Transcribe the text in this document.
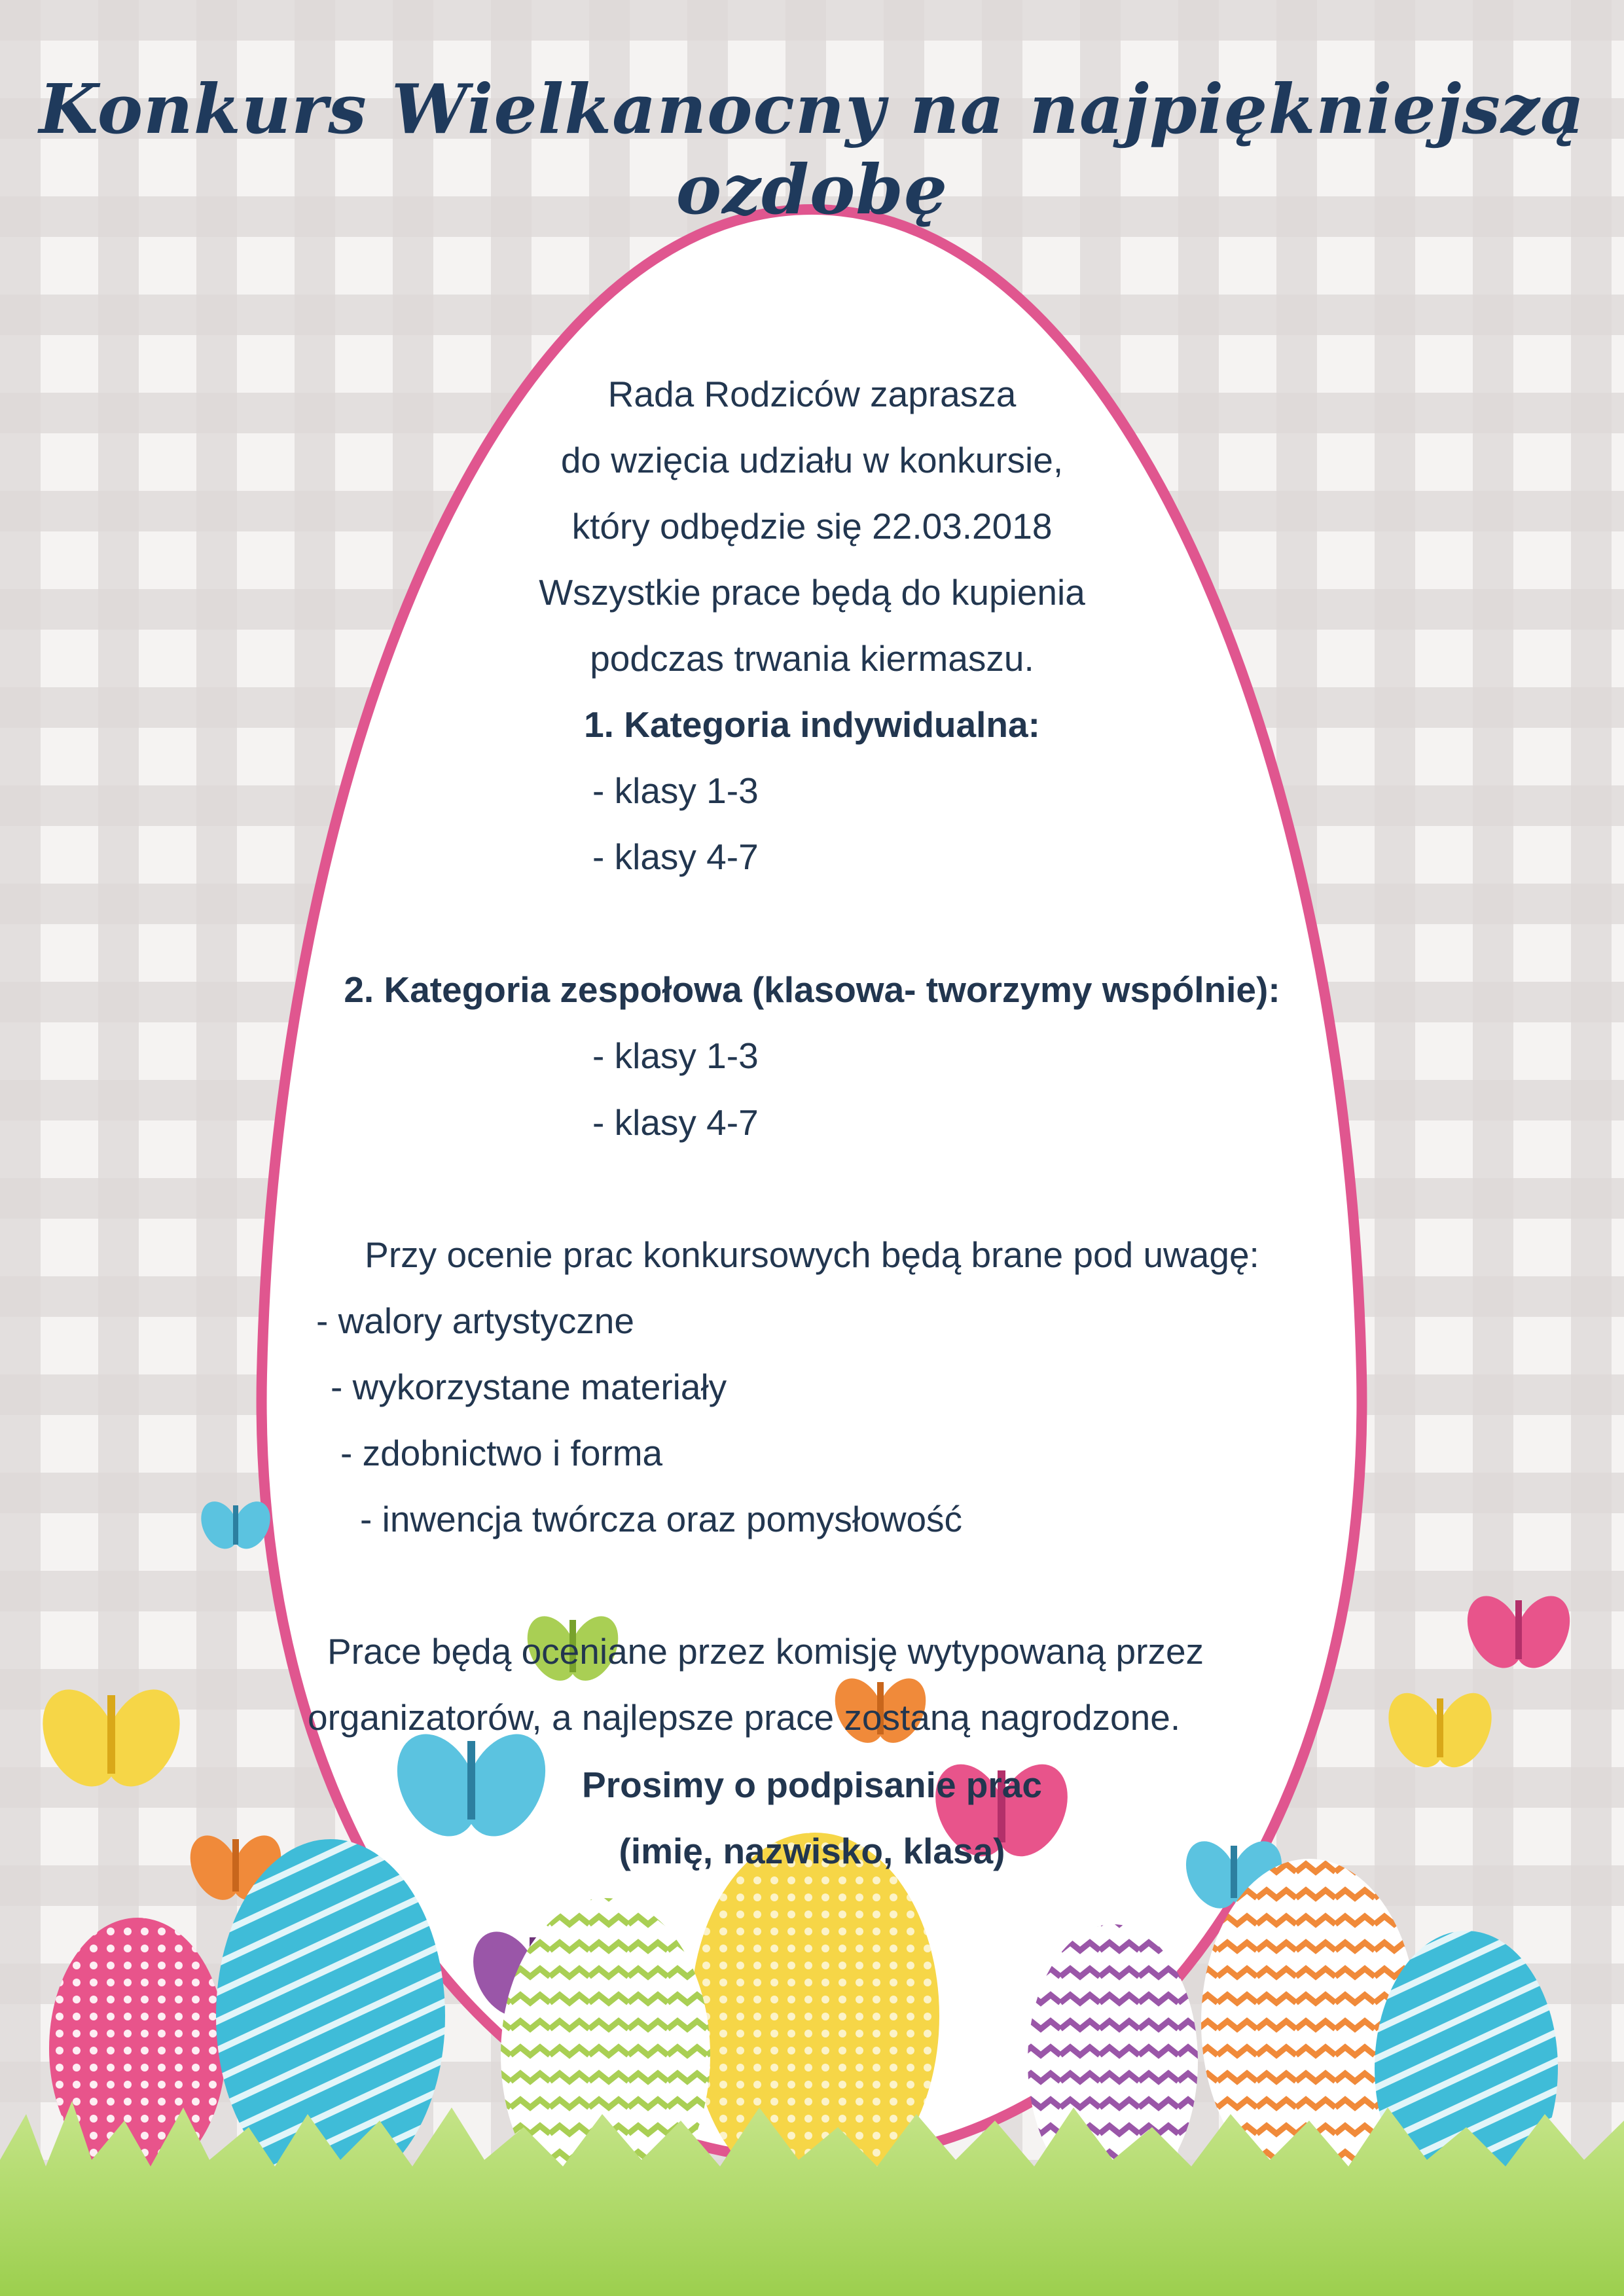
Konkurs Wielkanocny na najpiękniejszą ozdobę
Rada Rodziców zaprasza
do wzięcia udziału w konkursie,
który odbędzie się 22.03.2018
Wszystkie prace będą do kupienia
podczas trwania kiermaszu.
1. Kategoria indywidualna:
- klasy 1-3
- klasy 4-7
2. Kategoria zespołowa (klasowa- tworzymy wspólnie):
- klasy 1-3
- klasy 4-7
Przy ocenie prac konkursowych będą brane pod uwagę:
- walory artystyczne
- wykorzystane materiały
- zdobnictwo i forma
- inwencja twórcza oraz pomysłowość
Prace będą oceniane przez komisję wytypowaną przez
organizatorów, a najlepsze prace zostaną nagrodzone.
Prosimy o podpisanie prac
(imię, nazwisko, klasa)
